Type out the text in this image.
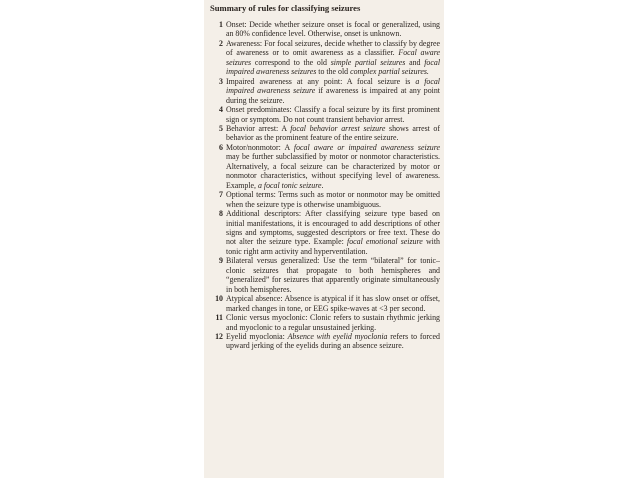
Summary of rules for classifying seizures
1 Onset: Decide whether seizure onset is focal or generalized, using an 80% confidence level. Otherwise, onset is unknown.
2 Awareness: For focal seizures, decide whether to classify by degree of awareness or to omit awareness as a classifier. Focal aware seizures correspond to the old simple partial seizures and focal impaired awareness seizures to the old complex partial seizures.
3 Impaired awareness at any point: A focal seizure is a focal impaired awareness seizure if awareness is impaired at any point during the seizure.
4 Onset predominates: Classify a focal seizure by its first prominent sign or symptom. Do not count transient behavior arrest.
5 Behavior arrest: A focal behavior arrest seizure shows arrest of behavior as the prominent feature of the entire seizure.
6 Motor/nonmotor: A focal aware or impaired awareness seizure may be further subclassified by motor or nonmotor characteristics. Alternatively, a focal seizure can be characterized by motor or nonmotor characteristics, without specifying level of awareness. Example, a focal tonic seizure.
7 Optional terms: Terms such as motor or nonmotor may be omitted when the seizure type is otherwise unambiguous.
8 Additional descriptors: After classifying seizure type based on initial manifestations, it is encouraged to add descriptions of other signs and symptoms, suggested descriptors or free text. These do not alter the seizure type. Example: focal emotional seizure with tonic right arm activity and hyperventilation.
9 Bilateral versus generalized: Use the term “bilateral” for tonic–clonic seizures that propagate to both hemispheres and “generalized” for seizures that apparently originate simultaneously in both hemispheres.
10 Atypical absence: Absence is atypical if it has slow onset or offset, marked changes in tone, or EEG spike-waves at <3 per second.
11 Clonic versus myoclonic: Clonic refers to sustain rhythmic jerking and myoclonic to a regular unsustained jerking.
12 Eyelid myoclonia: Absence with eyelid myoclonia refers to forced upward jerking of the eyelids during an absence seizure.
